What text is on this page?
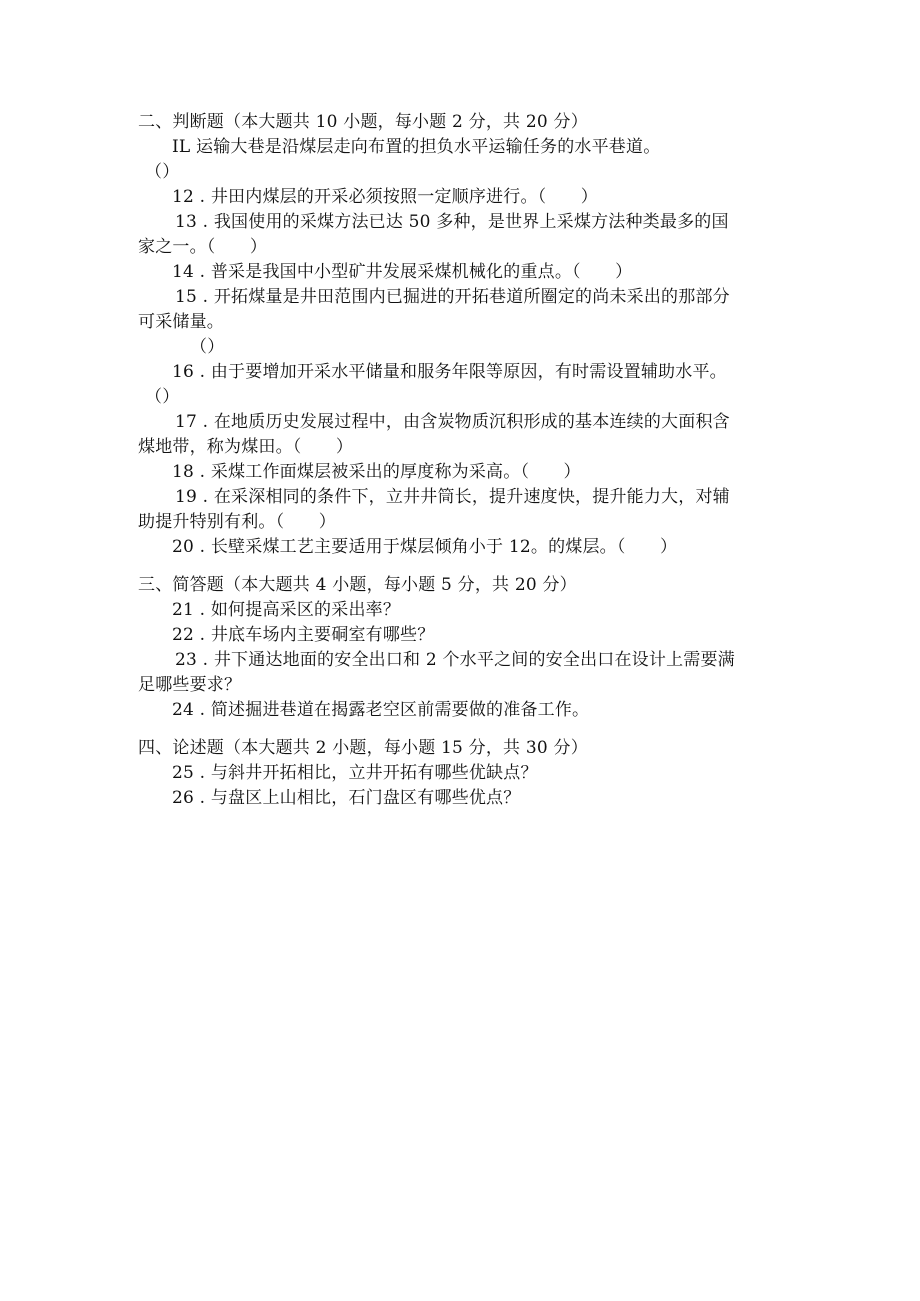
二、判断题（本大题共 10 小题，每小题 2 分，共 20 分）
IL 运输大巷是沿煤层走向布置的担负水平运输任务的水平巷道。
（）
12 . 井田内煤层的开采必须按照一定顺序进行。（　　）
13 . 我国使用的采煤方法已达 50 多种，是世界上采煤方法种类最多的国
家之一。（　　）
14 . 普采是我国中小型矿井发展采煤机械化的重点。（　　）
15 . 开拓煤量是井田范围内已掘进的开拓巷道所圈定的尚未采出的那部分
可采储量。
（）
16 . 由于要增加开采水平储量和服务年限等原因，有时需设置辅助水平。
（）
17 . 在地质历史发展过程中，由含炭物质沉积形成的基本连续的大面积含
煤地带，称为煤田。（　　）
18 . 采煤工作面煤层被采出的厚度称为采高。（　　）
19 . 在采深相同的条件下，立井井筒长，提升速度快，提升能力大，对辅
助提升特别有利。（　　）
20 . 长壁采煤工艺主要适用于煤层倾角小于 12。的煤层。（　　）
三、简答题（本大题共 4 小题，每小题 5 分，共 20 分）
21 . 如何提高采区的采出率？
22 . 井底车场内主要硐室有哪些？
23 . 井下通达地面的安全出口和 2 个水平之间的安全出口在设计上需要满
足哪些要求？
24 . 简述掘进巷道在揭露老空区前需要做的准备工作。
四、论述题（本大题共 2 小题，每小题 15 分，共 30 分）
25 . 与斜井开拓相比，立井开拓有哪些优缺点？
26 . 与盘区上山相比，石门盘区有哪些优点？
